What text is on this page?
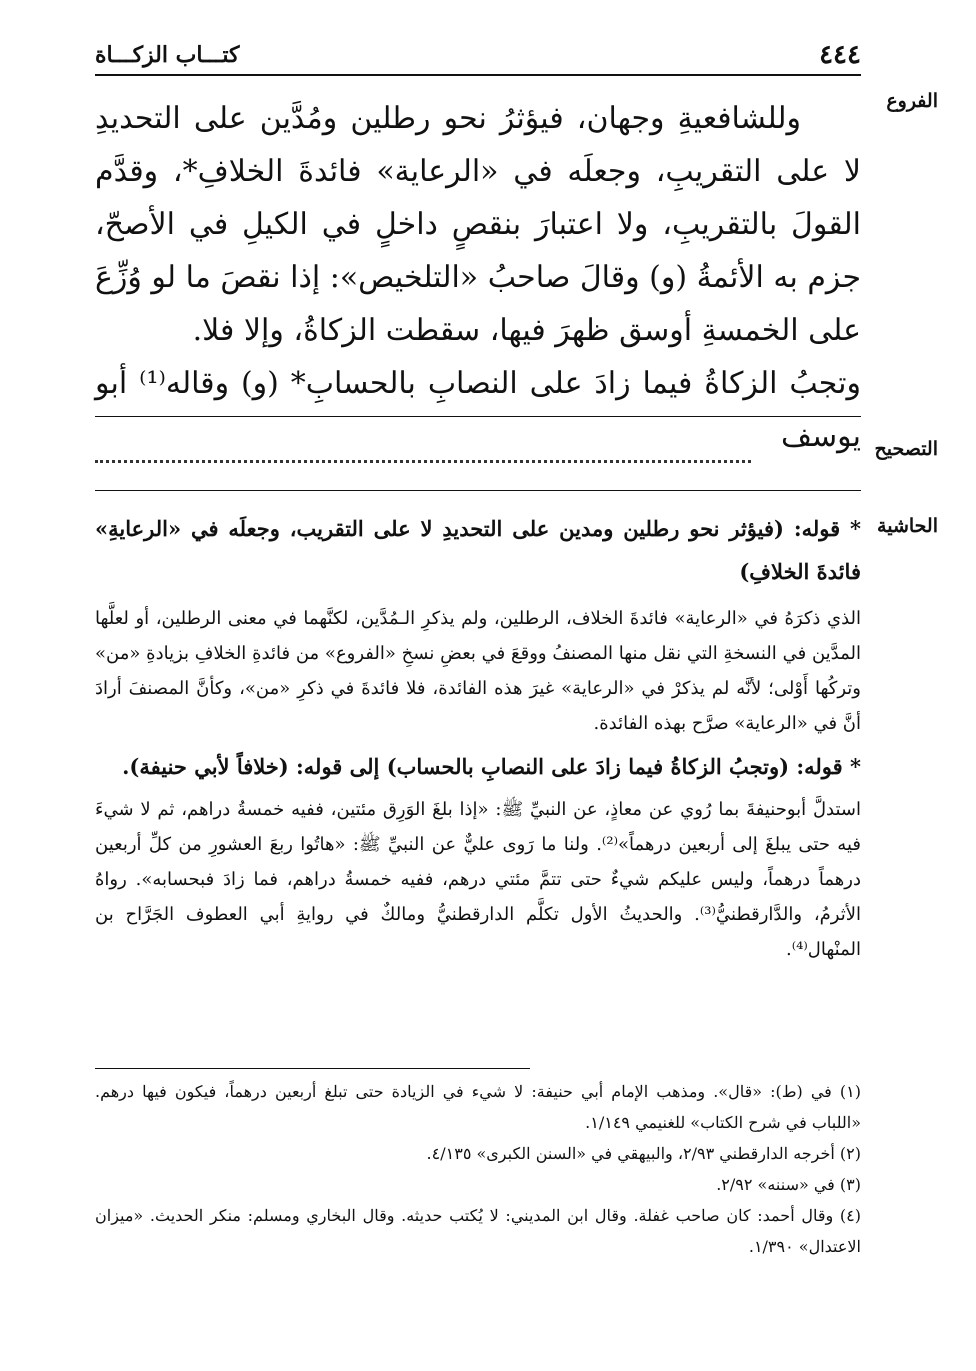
٤٤٤
كتـــاب الزكـــاة
الفروع

وللشافعيةِ وجهان، فيؤثرُ نحو رطلين ومُدَّين على التحديدِ لا على التقريبِ، وجعلَه في «الرعاية» فائدةَ الخلافِ*، وقدَّم القولَ بالتقريبِ، ولا اعتبارَ بنقصٍ داخلٍ في الكيلِ في الأصحّ، جزم به الأئمةُ (و) وقالَ صاحبُ «التلخيص»: إذا نقصَ ما لو وُزِّعَ على الخمسةِ أوسق ظهرَ فيها، سقطت الزكاةُ، وإلا فلا.

وتجبُ الزكاةُ فيما زادَ على النصابِ بالحسابِ* (و) وقاله⁽¹⁾ أبو يوسف التصحيح
الحاشية

* قوله: (فيؤثر نحو رطلين ومدين على التحديدِ لا على التقريب، وجعلَه في «الرعايةِ» فائدةَ الخلافِ)

الذي ذكرَهُ في «الرعاية» فائدةَ الخلاف، الرطلين، ولم يذكرِ الـمُدَّين، لكنَّهما في معنى الرطلين، أو لعلَّها المدَّين في النسخةِ التي نقل منها المصنفُ ووقعَ في بعضِ نسخِ «الفروع» من فائدةِ الخلافِ بزيادةِ «من» وتركُها أَوْلى؛ لأنَّه لم يذكرْ في «الرعاية» غيرَ هذه الفائدة، فلا فائدةَ في ذكرِ «من»، وكأنَّ المصنفَ أرادَ أنَّ في «الرعاية» صرَّح بهذه الفائدة.

* قوله: (وتجبُ الزكاةُ فيما زادَ على النصابِ بالحساب) إلى قوله: (خلافاً لأبي حنيفة).

استدلَّ أبوحنيفةَ بما رُوي عن معاذٍ، عن النبيِّ ﷺ: «إذا بلغَ الوَرِق مئتين، ففيه خمسةُ دراهم، ثم لا شيءَ فيه حتى يبلغَ إلى أربعين درهماً»⁽²⁾. ولنا ما رَوى عليٌّ عن النبيِّ ﷺ: «هاتُوا ربعَ العشورِ من كلِّ أربعين درهماً درهماً، وليس عليكم شيءٌ حتى تتمَّ مئتي درهم، ففيه خمسةُ دراهم، فما زادَ فبحسابه». رواهُ الأثرمُ، والدَّارقطنيُّ⁽³⁾. والحديثُ الأول تكلَّم الدارقطنيُّ ومالكٌ في روايةِ أبي العطوف الجَرَّاح بن المنْهال⁽⁴⁾.

(١) في (ط): «قال». ومذهب الإمام أبي حنيفة: لا شيء في الزيادة حتى تبلغ أربعين درهماً، فيكون فيها درهم. «اللباب في شرح الكتاب» للغنيمي ١/١٤٩.

(٢) أخرجه الدارقطني ٢/٩٣، والبيهقي في «السنن الكبرى» ٤/١٣٥.

(٣) في «سننه» ٢/٩٢.

(٤) وقال أحمد: كان صاحب غفلة. وقال ابن المديني: لا يُكتب حديثه. وقال البخاري ومسلم: منكر الحديث. «ميزان الاعتدال» ١/٣٩٠.
